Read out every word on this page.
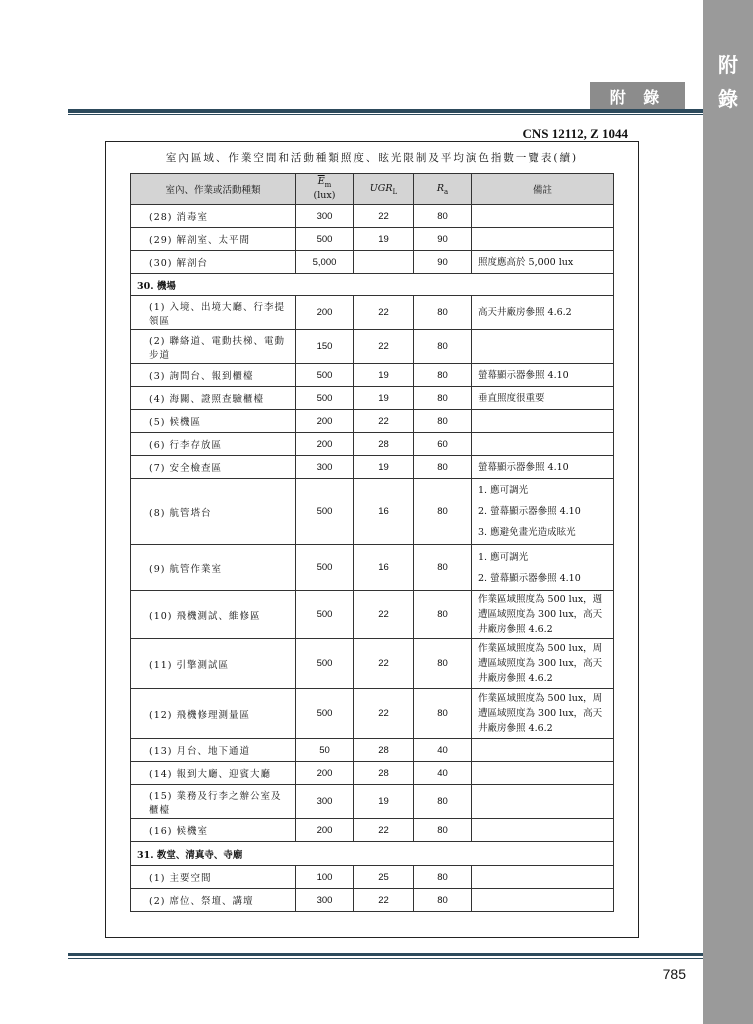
附
錄
附 錄
CNS 12112, Z 1044
室內區域、作業空間和活動種類照度、眩光限制及平均演色指數一覽表(續)
室內、作業或活動種類	$\overline{E}_m$
(lux)	$UGR_L$	$R_a$	備註
(28) 消毒室	300	22	80	
(29) 解剖室、太平間	500	19	90	
(30) 解剖台	5,000		90	照度應高於 5,000 lux
30. 機場				
(1) 入境、出境大廳、行李提領區	200	22	80	高天井廠房參照 4.6.2
(2) 聯絡道、電動扶梯、電動步道	150	22	80	
(3) 詢問台、報到櫃檯	500	19	80	螢幕顯示器參照 4.10
(4) 海關、證照查驗櫃檯	500	19	80	垂直照度很重要
(5) 候機區	200	22	80	
(6) 行李存放區	200	28	60	
(7) 安全檢查區	300	19	80	螢幕顯示器參照 4.10
(8) 航管塔台	500	16	80	1. 應可調光
2. 螢幕顯示器參照 4.10
3. 應避免畫光造成眩光

(9) 航管作業室	500	16	80	1. 應可調光
2. 螢幕顯示器參照 4.10

(10) 飛機測試、維修區	500	22	80	作業區域照度為 500 lux，週遭區域照度為 300 lux，高天井廠房參照 4.6.2
(11) 引擎測試區	500	22	80	作業區域照度為 500 lux，周遭區域照度為 300 lux，高天井廠房參照 4.6.2
(12) 飛機修理測量區	500	22	80	作業區域照度為 500 lux，周遭區域照度為 300 lux，高天井廠房參照 4.6.2
(13) 月台、地下通道	50	28	40	
(14) 報到大廳、迎賓大廳	200	28	40	
(15) 業務及行李之辦公室及櫃檯	300	19	80	
(16) 候機室	200	22	80	
31. 教堂、清真寺、寺廟				
(1) 主要空間	100	25	80	
(2) 席位、祭壇、講壇	300	22	80	
785
